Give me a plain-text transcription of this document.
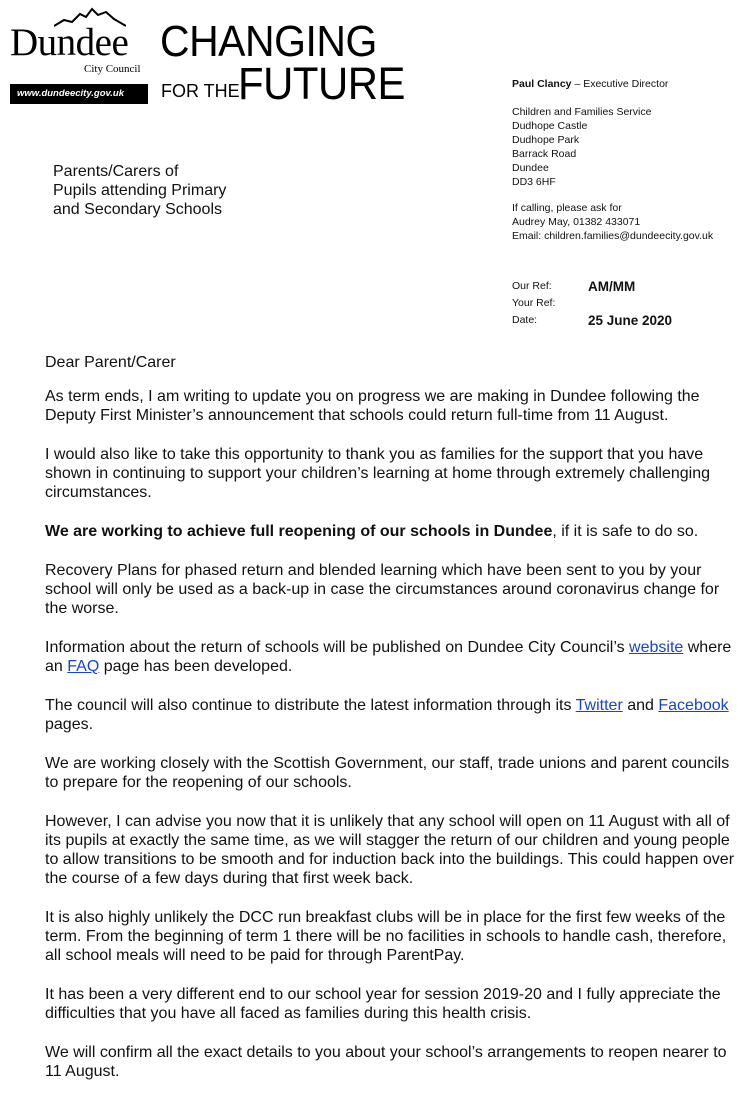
Dundee
City Council
www.dundeecity.gov.uk
CHANGING
FOR THE
FUTURE
Parents/Carers of
Pupils attending Primary
and Secondary Schools
Paul Clancy – Executive Director
Children and Families Service
Dudhope Castle
Dudhope Park
Barrack Road
Dundee
DD3 6HF
If calling, please ask for
Audrey May, 01382 433071
Email: children.families@dundeecity.gov.uk
Our Ref:	AM/MM
Your Ref:
Date:	25 June 2020

Dear Parent/Carer

As term ends, I am writing to update you on progress we are making in Dundee following the Deputy First Minister’s announcement that schools could return full-time from 11 August.

I would also like to take this opportunity to thank you as families for the support that you have shown in continuing to support your children’s learning at home through extremely challenging circumstances.

We are working to achieve full reopening of our schools in Dundee, if it is safe to do so.

Recovery Plans for phased return and blended learning which have been sent to you by your school will only be used as a back-up in case the circumstances around coronavirus change for the worse.

Information about the return of schools will be published on Dundee City Council’s website where an FAQ page has been developed.

The council will also continue to distribute the latest information through its Twitter and Facebook pages.

We are working closely with the Scottish Government, our staff, trade unions and parent councils to prepare for the reopening of our schools.

However, I can advise you now that it is unlikely that any school will open on 11 August with all of its pupils at exactly the same time, as we will stagger the return of our children and young people to allow transitions to be smooth and for induction back into the buildings. This could happen over the course of a few days during that first week back.

It is also highly unlikely the DCC run breakfast clubs will be in place for the first few weeks of the term. From the beginning of term 1 there will be no facilities in schools to handle cash, therefore, all school meals will need to be paid for through ParentPay.

It has been a very different end to our school year for session 2019-20 and I fully appreciate the difficulties that you have all faced as families during this health crisis.

We will confirm all the exact details to you about your school’s arrangements to reopen nearer to 11 August.
